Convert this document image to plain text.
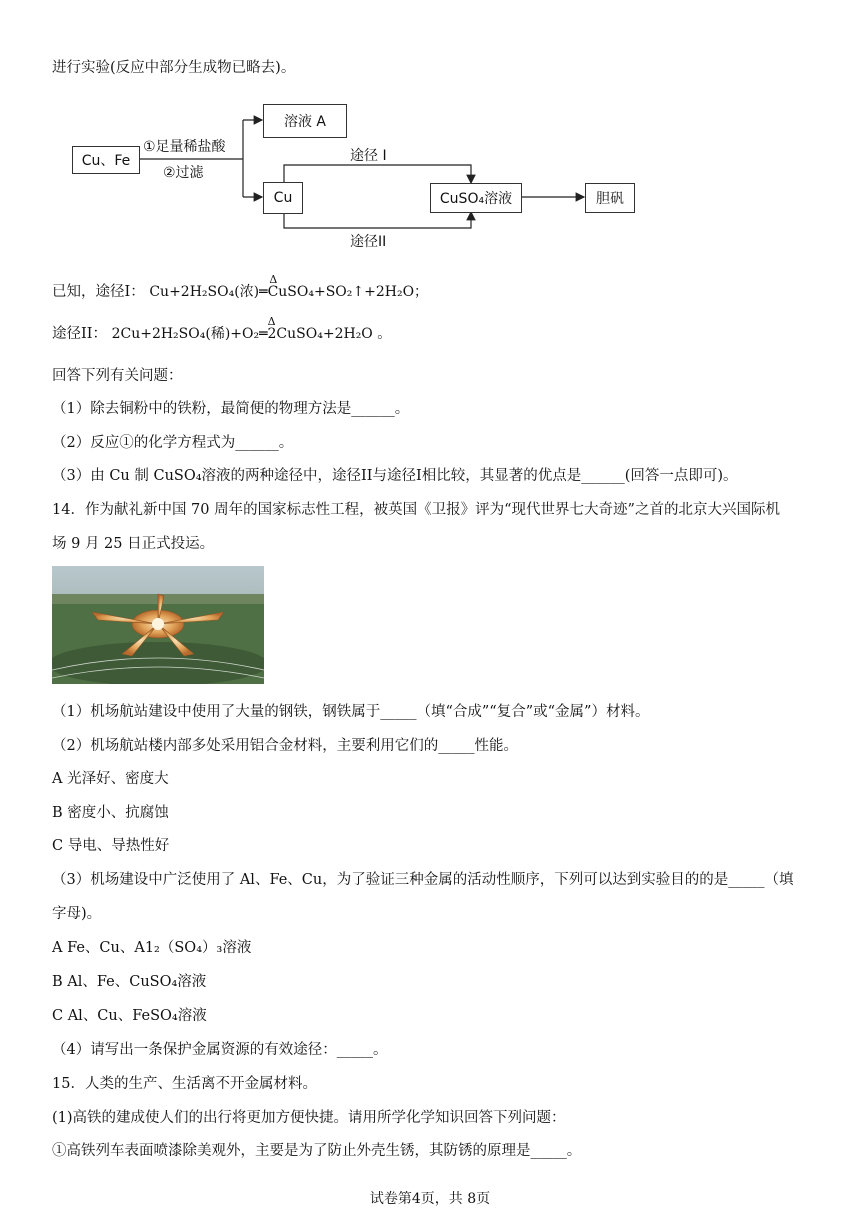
进行实验(反应中部分生成物已略去)。
Cu、Fe
①足量稀盐酸
②过滤
溶液 A
Cu
途径 I
途径II
CuSO₄溶液	胆矾
已知，途径I：
Δ
Cu+2H₂SO₄(浓)═CuSO₄+SO₂↑+2H₂O；
途径II：
Δ
2Cu+2H₂SO₄(稀)+O₂═2CuSO₄+2H₂O 。
回答下列有关问题：
（1）除去铜粉中的铁粉，最简便的物理方法是______。
（2）反应①的化学方程式为______。
（3）由 Cu 制 CuSO₄溶液的两种途径中，途径II与途径I相比较，其显著的优点是______(回答一点即可)。
14．作为献礼新中国 70 周年的国家标志性工程，被英国《卫报》评为“现代世界七大奇迹”之首的北京大兴国际机
场 9 月 25 日正式投运。
（1）机场航站建设中使用了大量的钢铁，钢铁属于_____（填“合成”“复合”或“金属”）材料。
（2）机场航站楼内部多处采用铝合金材料，主要利用它们的_____性能。
A 光泽好、密度大
B 密度小、抗腐蚀
C 导电、导热性好
（3）机场建设中广泛使用了 Al、Fe、Cu，为了验证三种金属的活动性顺序，下列可以达到实验目的的是_____（填
字母)。
A Fe、Cu、A1₂（SO₄）₃溶液
B Al、Fe、CuSO₄溶液
C Al、Cu、FeSO₄溶液
（4）请写出一条保护金属资源的有效途径：_____。
15．人类的生产、生活离不开金属材料。
(1)高铁的建成使人们的出行将更加方便快捷。请用所学化学知识回答下列问题：
①高铁列车表面喷漆除美观外，主要是为了防止外壳生锈，其防锈的原理是_____。
试卷第4页，共 8页
